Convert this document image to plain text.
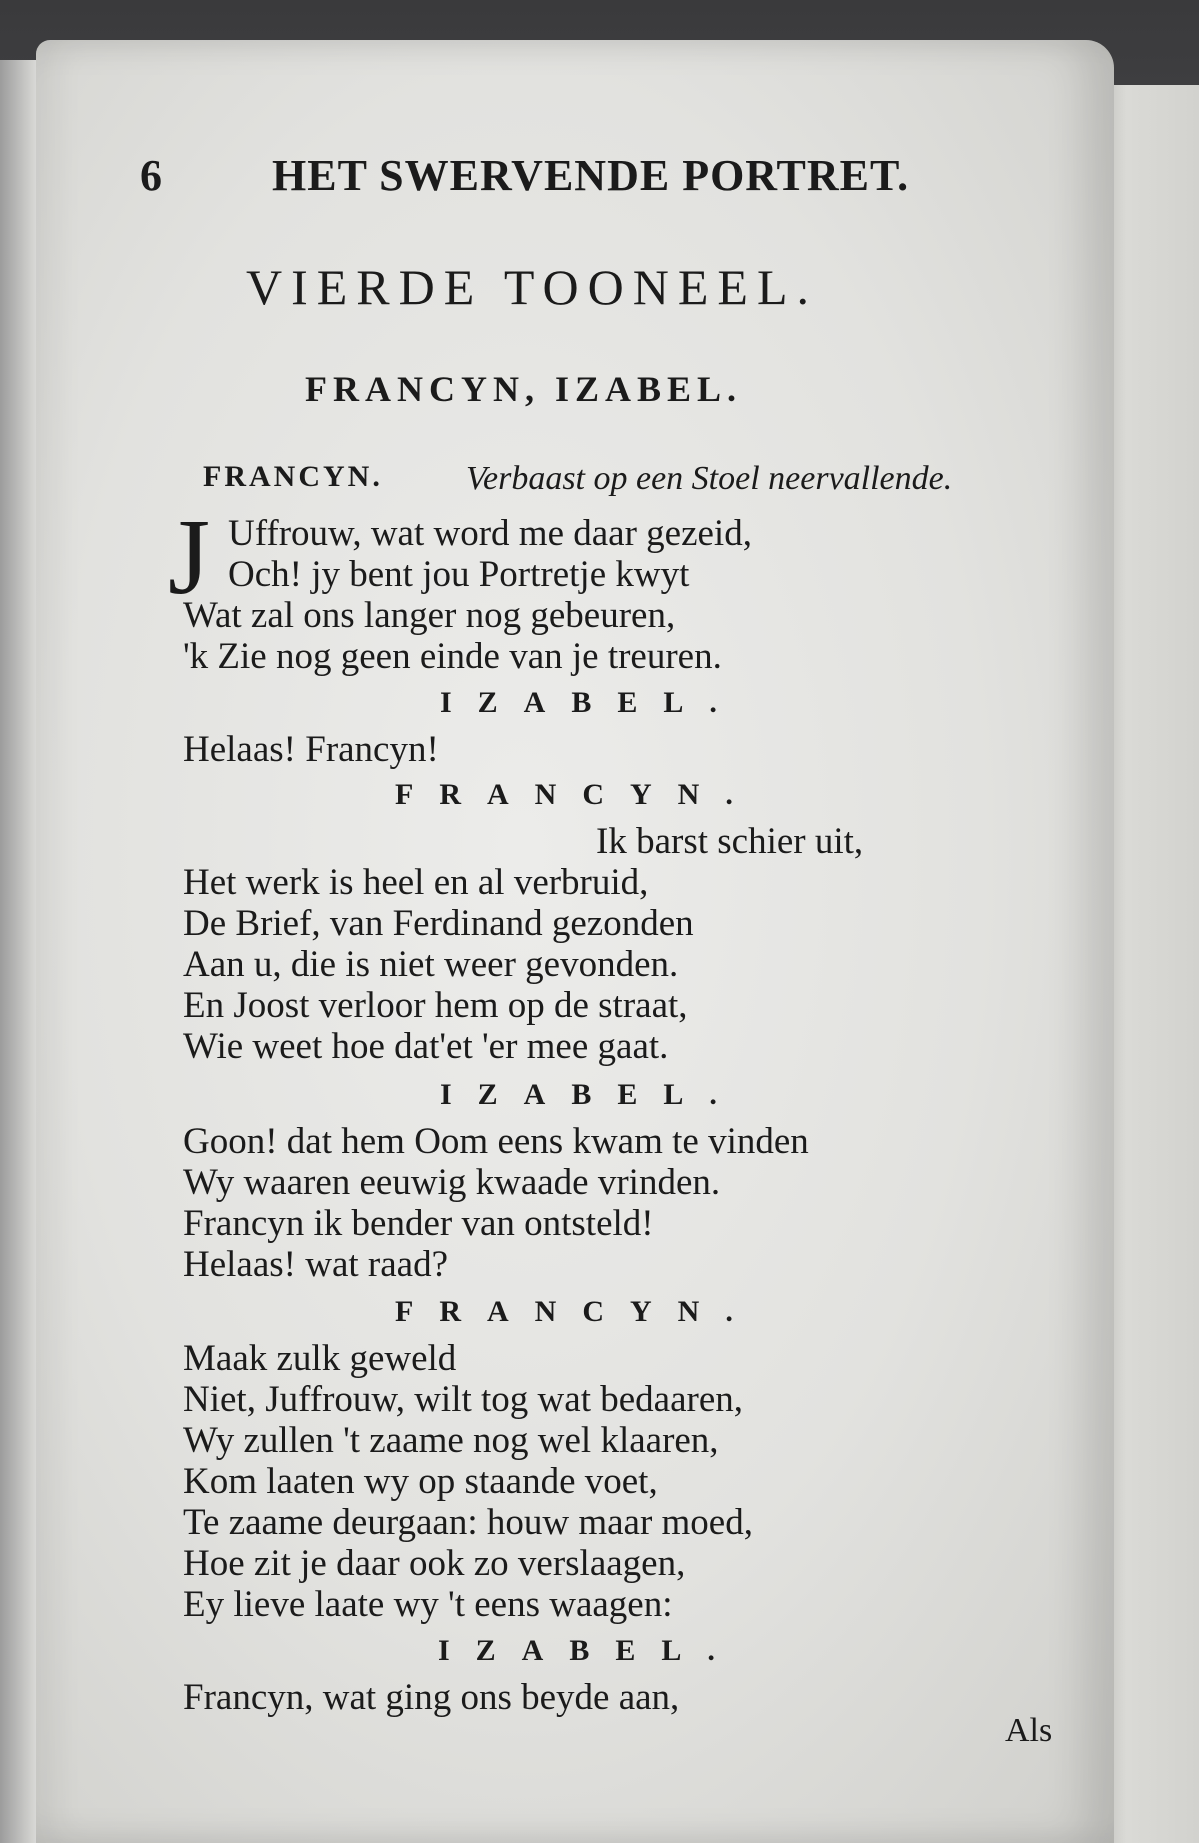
6	HET SWERVENDE PORTRET.
VIERDE TOONEEL.
FRANCYN, IZABEL.
FRANCYN. Verbaast op een Stoel neervallende.
J Uffrouw, wat word me daar gezeid,
Och! jy bent jou Portretje kwyt
Wat zal ons langer nog gebeuren,
'k Zie nog geen einde van je treuren.
IZABEL.
Helaas! Francyn!
FRANCYN.
Ik barst schier uit,
Het werk is heel en al verbruid,
De Brief, van Ferdinand gezonden
Aan u, die is niet weer gevonden.
En Joost verloor hem op de straat,
Wie weet hoe dat'et 'er mee gaat.
IZABEL.
Goon! dat hem Oom eens kwam te vinden
Wy waaren eeuwig kwaade vrinden.
Francyn ik bender van ontsteld!
Helaas! wat raad?
FRANCYN.
Maak zulk geweld
Niet, Juffrouw, wilt tog wat bedaaren,
Wy zullen 't zaame nog wel klaaren,
Kom laaten wy op staande voet,
Te zaame deurgaan: houw maar moed,
Hoe zit je daar ook zo verslaagen,
Ey lieve laate wy 't eens waagen:
IZABEL.
Francyn, wat ging ons beyde aan,
Als
